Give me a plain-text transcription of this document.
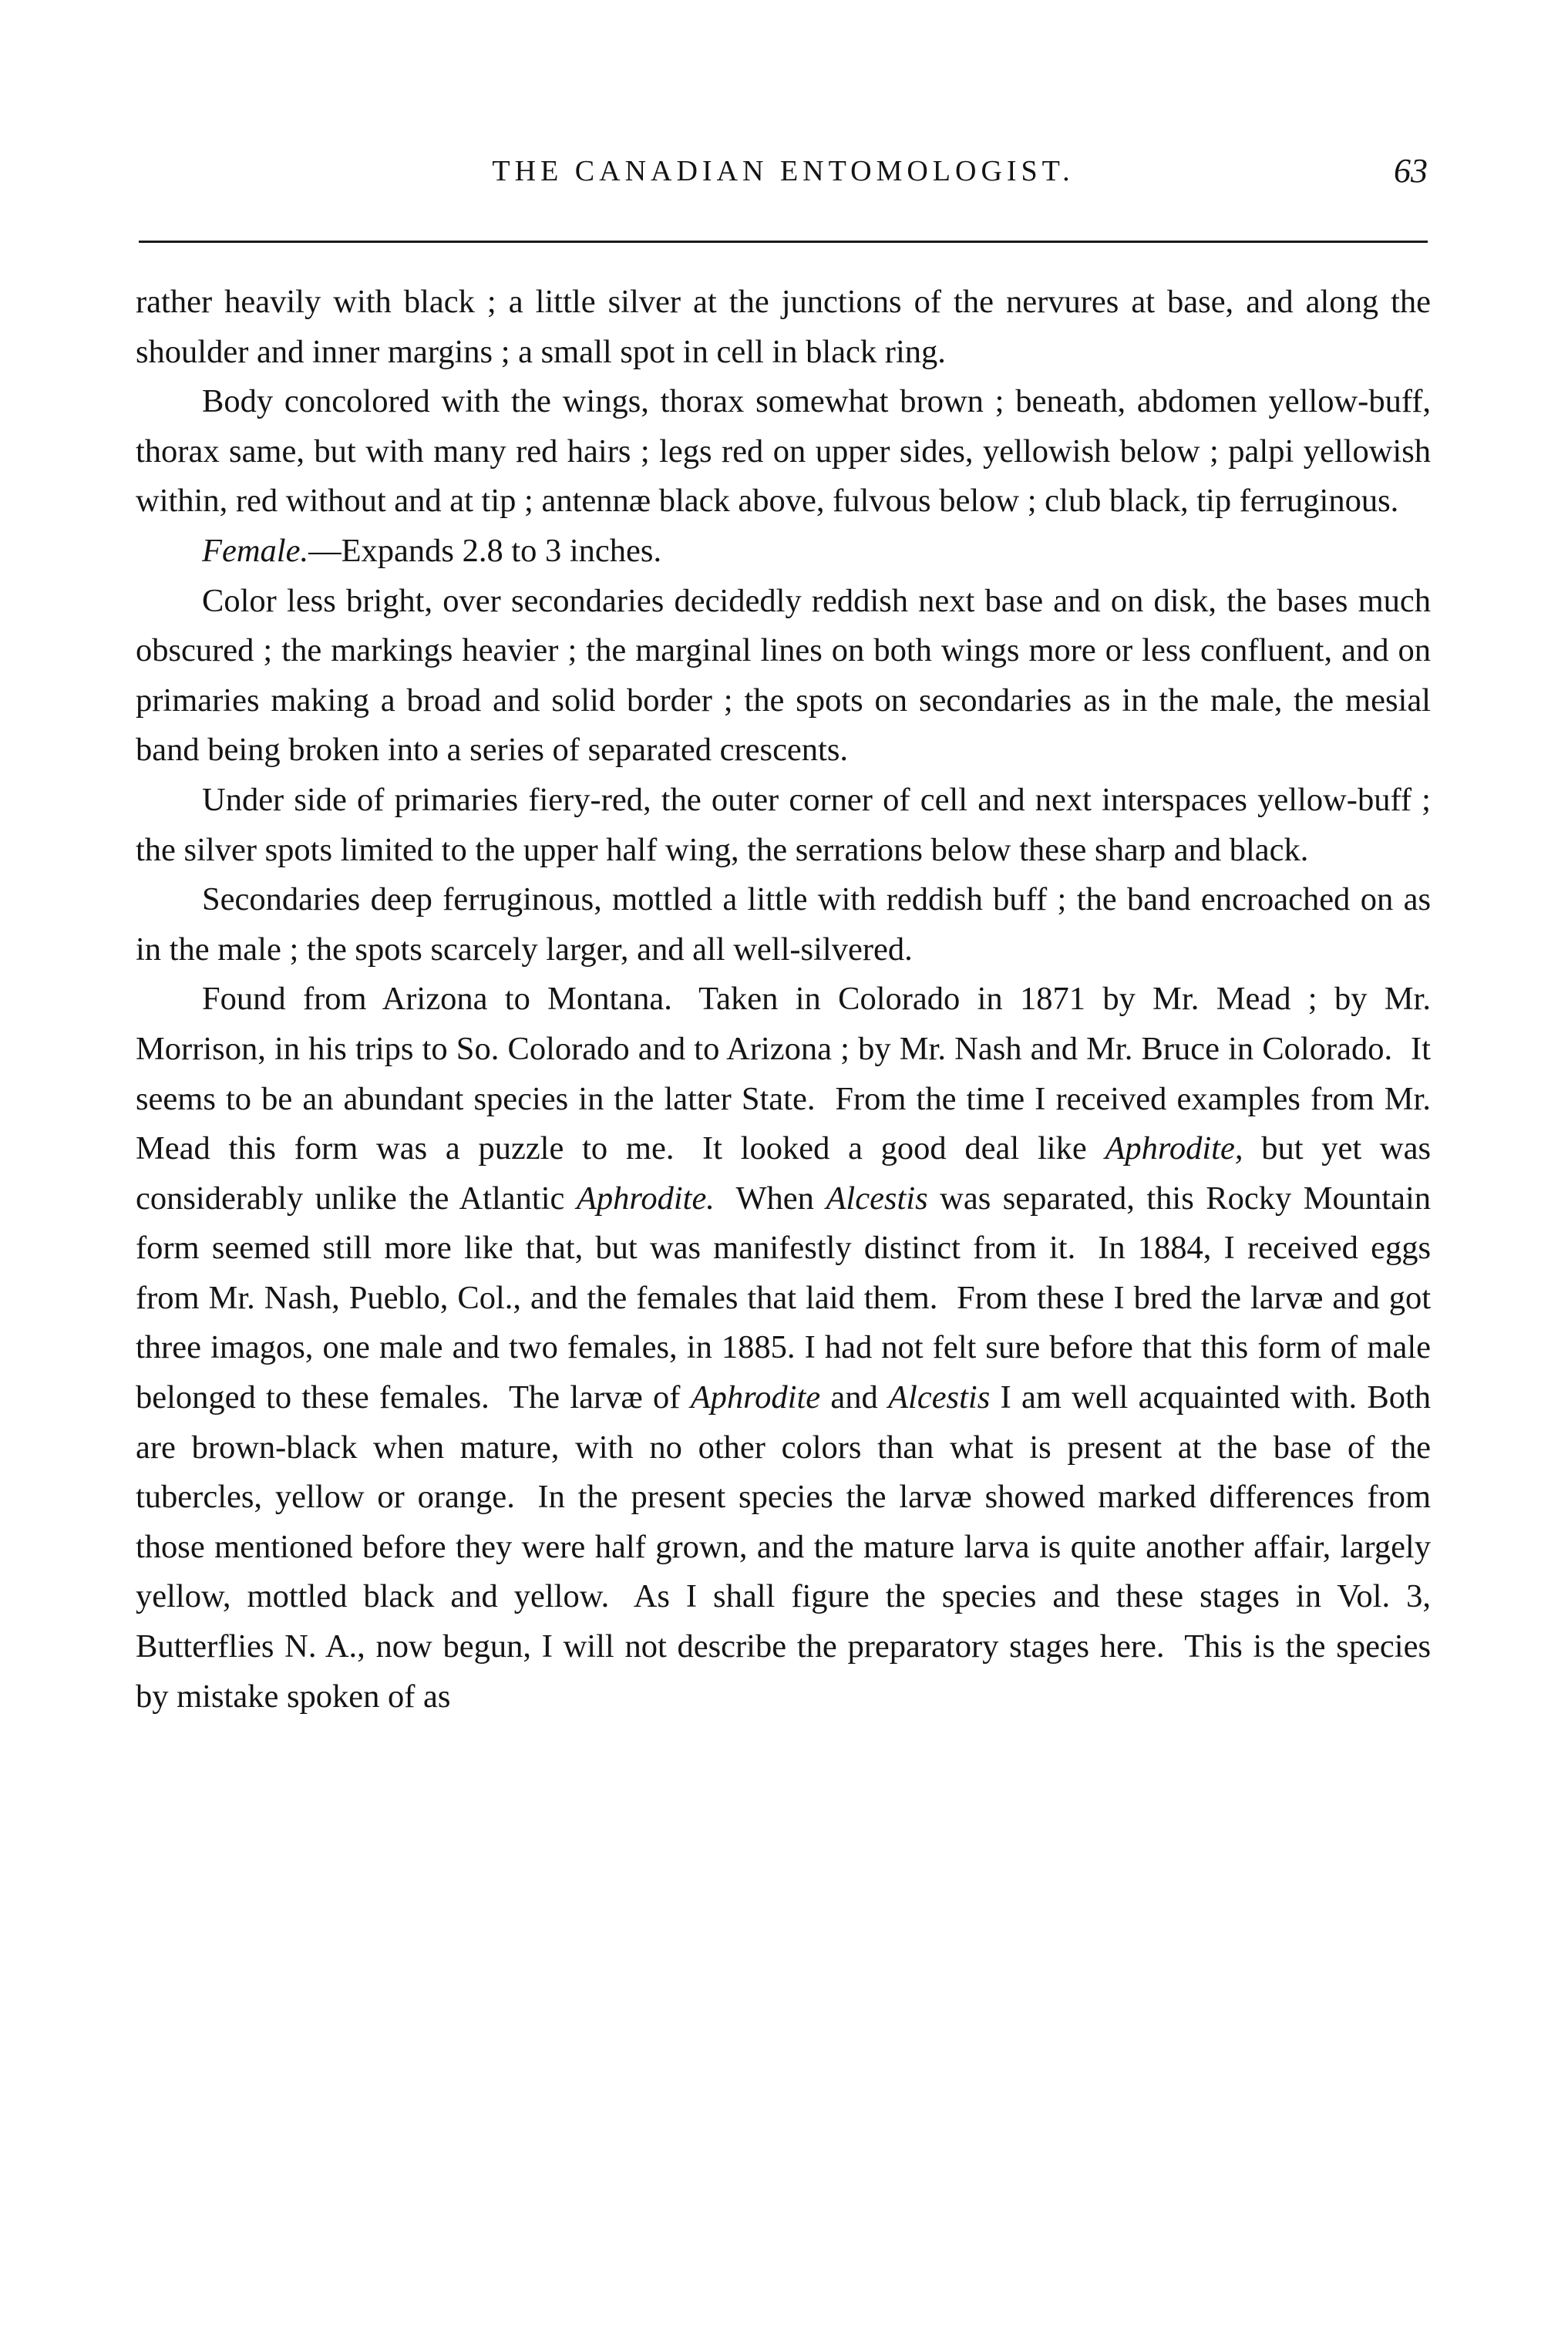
THE CANADIAN ENTOMOLOGIST.	63

rather heavily with black ; a little silver at the junctions of the nervures at base, and along the shoulder and inner margins ; a small spot in cell in black ring.

Body concolored with the wings, thorax somewhat brown ; beneath, abdomen yellow-buff, thorax same, but with many red hairs ; legs red on upper sides, yellowish below ; palpi yellowish within, red without and at tip ; antennæ black above, fulvous below ; club black, tip ferruginous.

Female.—Expands 2.8 to 3 inches.

Color less bright, over secondaries decidedly reddish next base and on disk, the bases much obscured ; the markings heavier ; the marginal lines on both wings more or less confluent, and on primaries making a broad and solid border ; the spots on secondaries as in the male, the mesial band being broken into a series of separated crescents.

Under side of primaries fiery-red, the outer corner of cell and next interspaces yellow-buff ; the silver spots limited to the upper half wing, the serrations below these sharp and black.

Secondaries deep ferruginous, mottled a little with reddish buff ; the band encroached on as in the male ; the spots scarcely larger, and all well-silvered.

Found from Arizona to Montana. Taken in Colorado in 1871 by Mr. Mead ; by Mr. Morrison, in his trips to So. Colorado and to Arizona ; by Mr. Nash and Mr. Bruce in Colorado. It seems to be an abundant species in the latter State. From the time I received examples from Mr. Mead this form was a puzzle to me. It looked a good deal like Aphrodite, but yet was considerably unlike the Atlantic Aphrodite. When Alcestis was separated, this Rocky Mountain form seemed still more like that, but was manifestly distinct from it. In 1884, I received eggs from Mr. Nash, Pueblo, Col., and the females that laid them. From these I bred the larvæ and got three imagos, one male and two females, in 1885. I had not felt sure before that this form of male belonged to these females. The larvæ of Aphrodite and Alcestis I am well acquainted with. Both are brown-black when mature, with no other colors than what is present at the base of the tubercles, yellow or orange. In the present species the larvæ showed marked differences from those mentioned before they were half grown, and the mature larva is quite another affair, largely yellow, mottled black and yellow. As I shall figure the species and these stages in Vol. 3, Butterflies N. A., now begun, I will not describe the preparatory stages here. This is the species by mistake spoken of as
